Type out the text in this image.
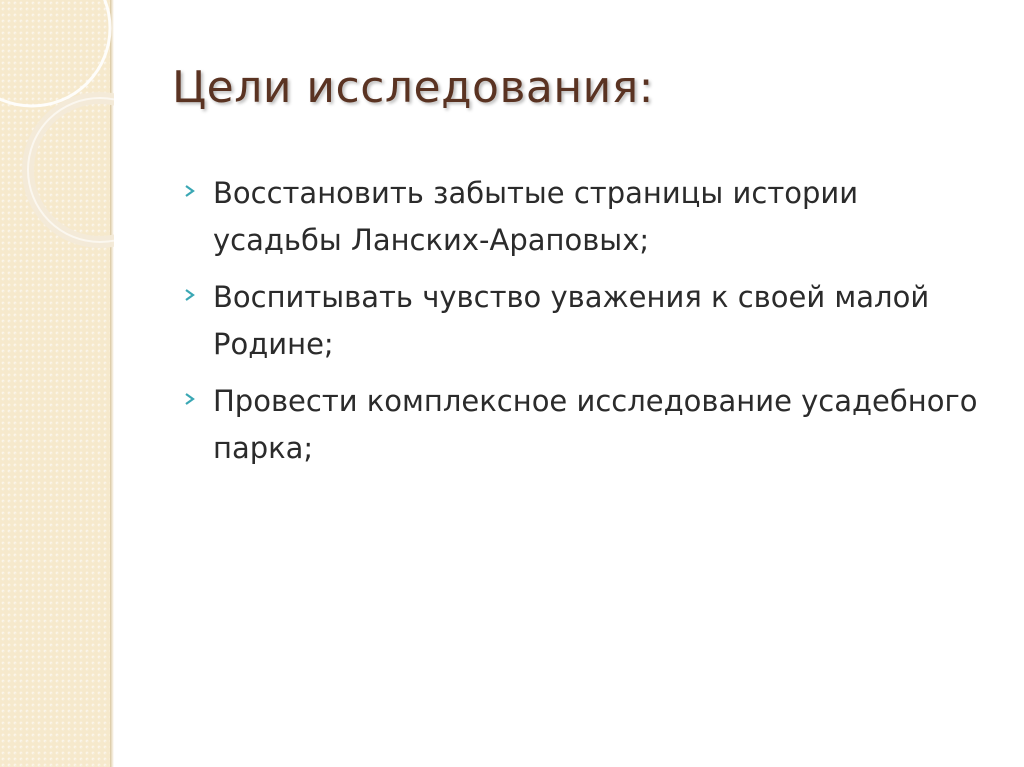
Цели исследования:
Восстановить забытые страницы истории усадьбы Ланских-Араповых;
Воспитывать чувство уважения к своей малой Родине;
Провести комплексное исследование усадебного парка;
